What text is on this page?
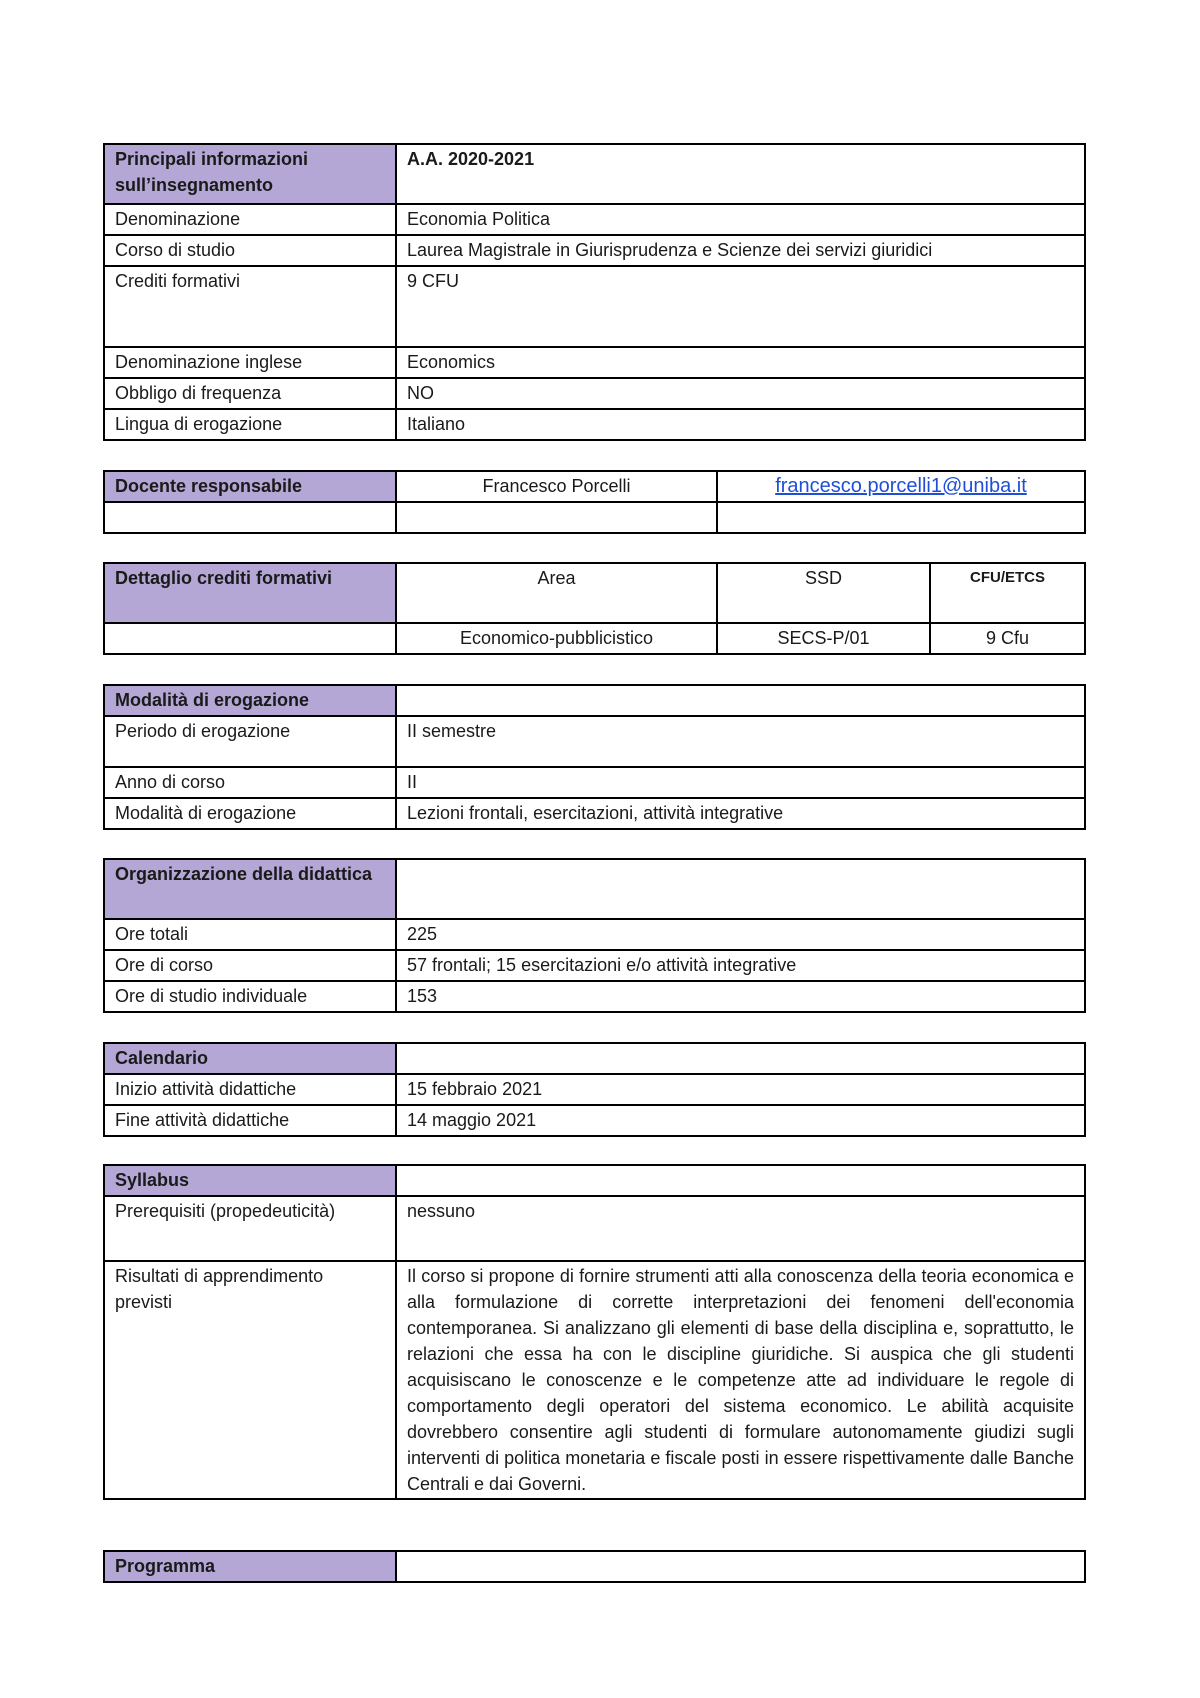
Principali informazioni sull’insegnamento	A.A. 2020-2021
Denominazione	Economia Politica
Corso di studio	Laurea Magistrale in Giurisprudenza e Scienze dei servizi giuridici
Crediti formativi	9 CFU
Denominazione inglese	Economics
Obbligo di frequenza	NO
Lingua di erogazione	Italiano
Docente responsabile	Francesco Porcelli	francesco.porcelli1@uniba.it

Dettaglio crediti formativi	Area	SSD	CFU/ETCS
	Economico-pubblicistico	SECS-P/01	9 Cfu
Modalità di erogazione	
Periodo di erogazione	II semestre
Anno di corso	II
Modalità di erogazione	Lezioni frontali, esercitazioni, attività integrative
Organizzazione della didattica	
Ore totali	225
Ore di corso	57 frontali; 15 esercitazioni e/o attività integrative
Ore di studio individuale	153
Calendario	
Inizio attività didattiche	15 febbraio 2021
Fine attività didattiche	14 maggio 2021
Syllabus	
Prerequisiti (propedeuticità)	nessuno
Risultati di apprendimento previsti	Il corso si propone di fornire strumenti atti alla conoscenza della teoria economica e alla formulazione di corrette interpretazioni dei fenomeni dell'economia contemporanea. Si analizzano gli elementi di base della disciplina e, soprattutto, le relazioni che essa ha con le discipline giuridiche. Si auspica che gli studenti acquisiscano le conoscenze e le competenze atte ad individuare le regole di comportamento degli operatori del sistema economico. Le abilità acquisite dovrebbero consentire agli studenti di formulare autonomamente giudizi sugli interventi di politica monetaria e fiscale posti in essere rispettivamente dalle Banche Centrali e dai Governi.
Programma	
